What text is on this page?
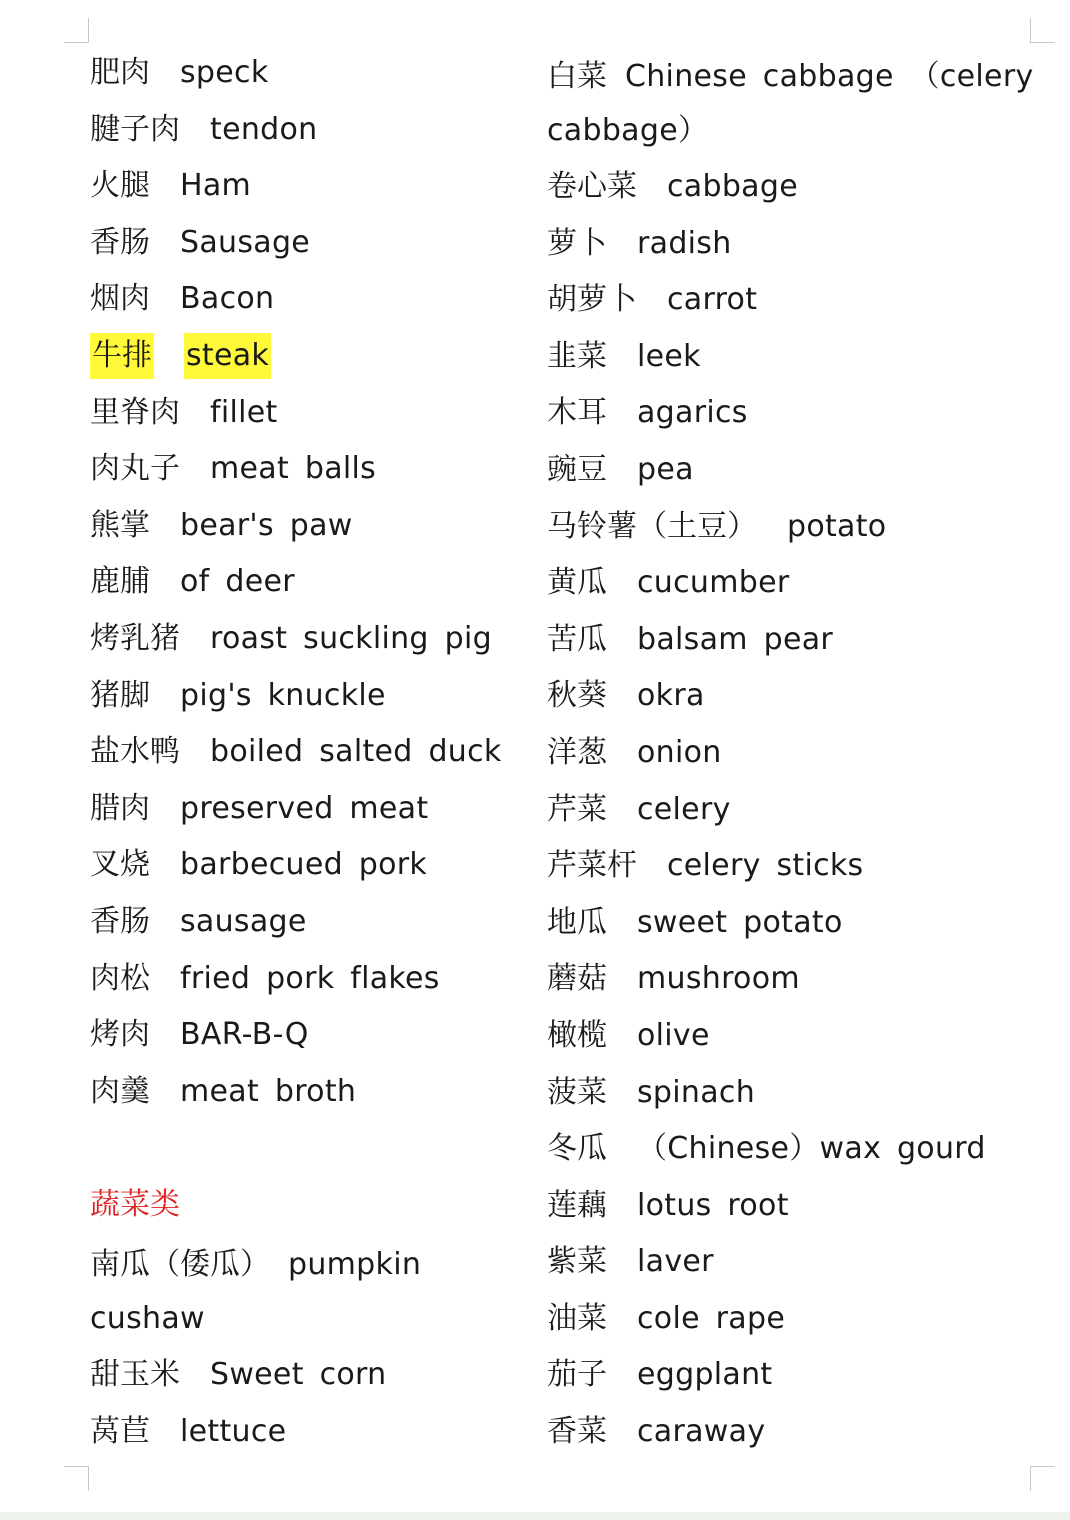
肥肉 speck
腱子肉 tendon
火腿 Ham
香肠 Sausage
烟肉 Bacon
牛排 steak
里脊肉 fillet
肉丸子 meat balls
熊掌 bear's paw
鹿脯 of deer
烤乳猪 roast suckling pig
猪脚 pig's knuckle
盐水鸭 boiled salted duck
腊肉 preserved meat
叉烧 barbecued pork
香肠 sausage
肉松 fried pork flakes
烤肉 BAR-B-Q
肉羹 meat broth
蔬菜类
南瓜（倭瓜） pumpkin cushaw
甜玉米 Sweet corn
莴苣 lettuce
白菜 Chinese cabbage （celery cabbage）
卷心菜 cabbage
萝卜 radish
胡萝卜 carrot
韭菜 leek
木耳 agarics
豌豆 pea
马铃薯（土豆） potato
黄瓜 cucumber
苦瓜 balsam pear
秋葵 okra
洋葱 onion
芹菜 celery
芹菜杆 celery sticks
地瓜 sweet potato
蘑菇 mushroom
橄榄 olive
菠菜 spinach
冬瓜 （Chinese）wax gourd
莲藕 lotus root
紫菜 laver
油菜 cole rape
茄子 eggplant
香菜 caraway
